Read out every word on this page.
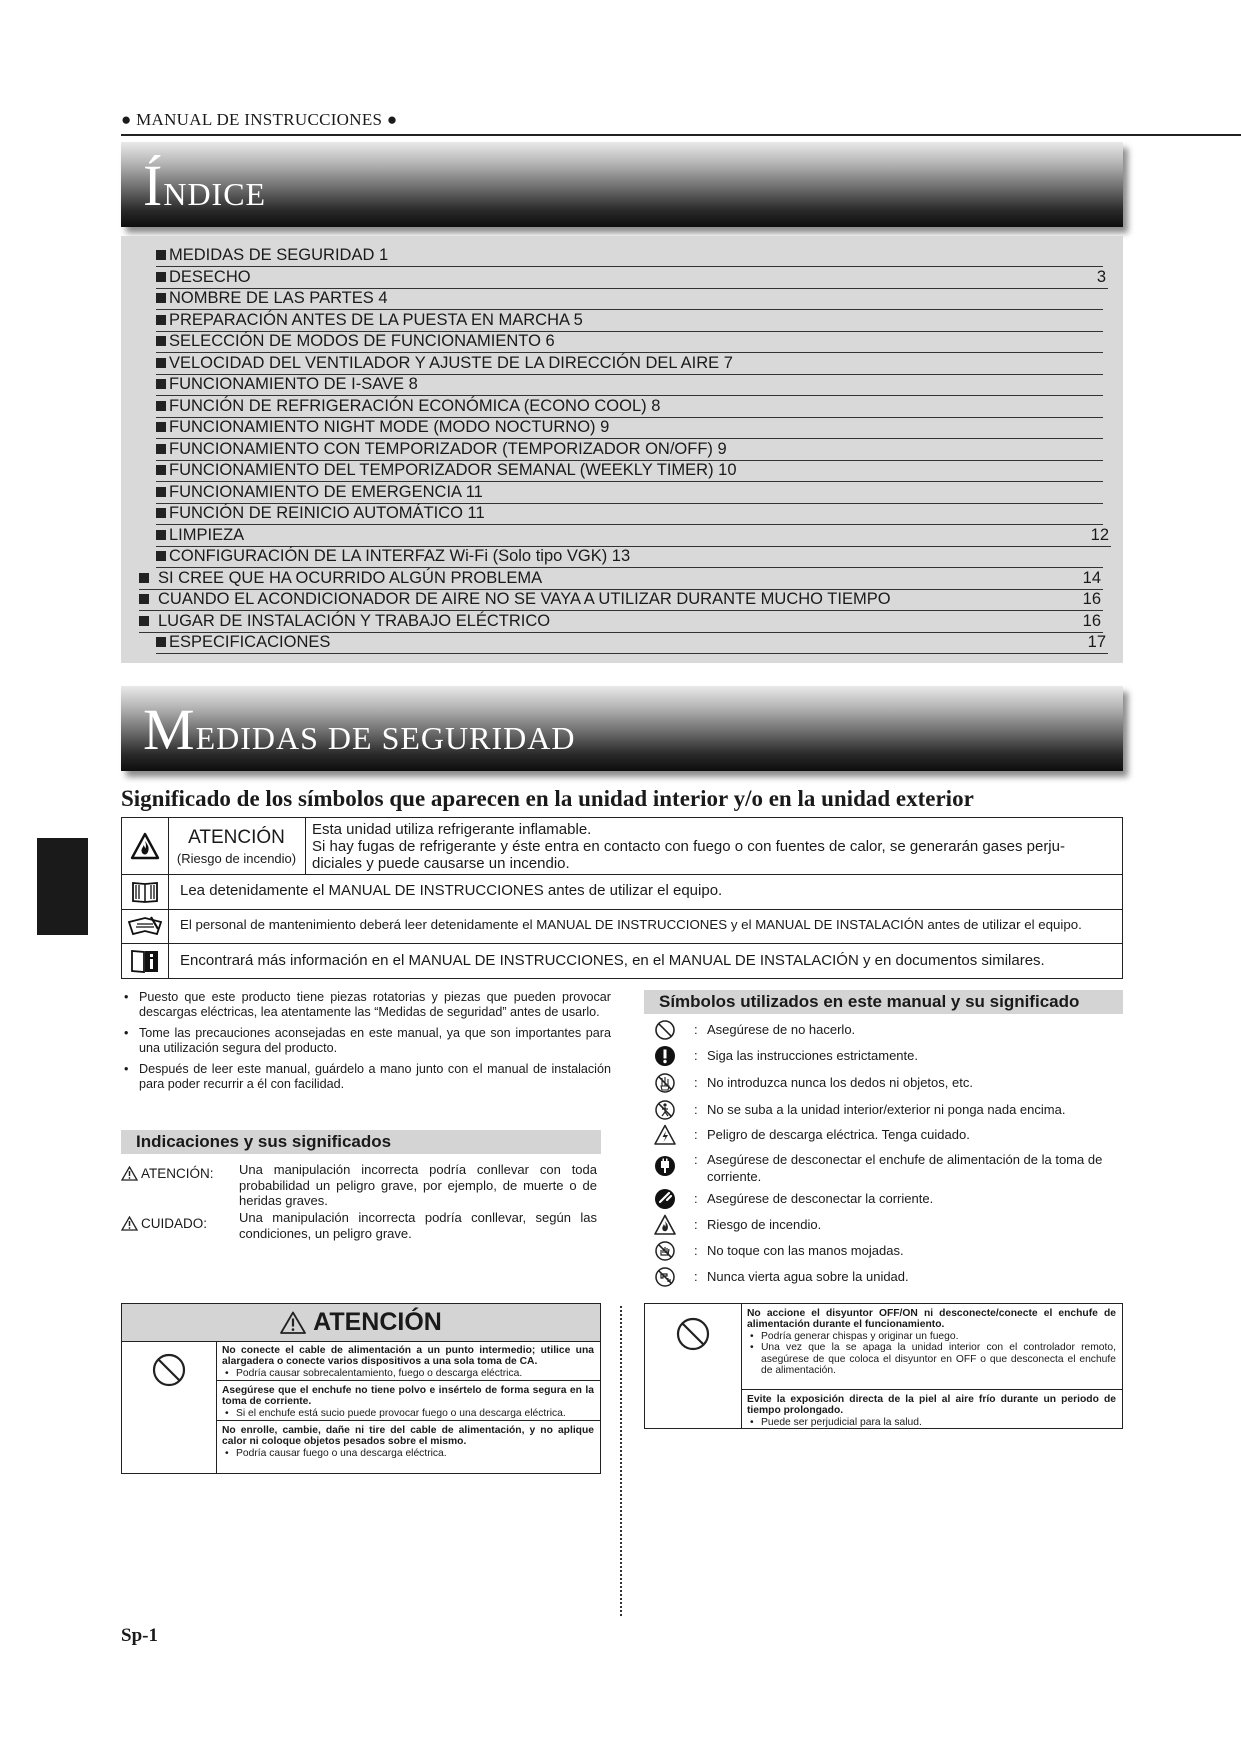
● MANUAL DE INSTRUCCIONES ●
ÍNDICE
MEDIDAS DE SEGURIDAD 1
DESECHO	3
NOMBRE DE LAS PARTES 4
PREPARACIÓN ANTES DE LA PUESTA EN MARCHA 5
SELECCIÓN DE MODOS DE FUNCIONAMIENTO 6
VELOCIDAD DEL VENTILADOR Y AJUSTE DE LA DIRECCIÓN DEL AIRE 7
FUNCIONAMIENTO DE I-SAVE 8
FUNCIÓN DE REFRIGERACIÓN ECONÓMICA (ECONO COOL) 8
FUNCIONAMIENTO NIGHT MODE (MODO NOCTURNO) 9
FUNCIONAMIENTO CON TEMPORIZADOR (TEMPORIZADOR ON/OFF) 9
FUNCIONAMIENTO DEL TEMPORIZADOR SEMANAL (WEEKLY TIMER) 10
FUNCIONAMIENTO DE EMERGENCIA 11
FUNCIÓN DE REINICIO AUTOMÁTICO 11
LIMPIEZA	12
CONFIGURACIÓN DE LA INTERFAZ Wi-Fi (Solo tipo VGK) 13
SI CREE QUE HA OCURRIDO ALGÚN PROBLEMA	14
CUANDO EL ACONDICIONADOR DE AIRE NO SE VAYA A UTILIZAR DURANTE MUCHO TIEMPO	16
LUGAR DE INSTALACIÓN Y TRABAJO ELÉCTRICO	16
ESPECIFICACIONES	17
MEDIDAS DE SEGURIDAD
Significado de los símbolos que aparecen en la unidad interior y/o en la unidad exterior
ATENCIÓN
(Riesgo de incendio)
Esta unidad utiliza refrigerante inflamable.
Si hay fugas de refrigerante y éste entra en contacto con fuego o con fuentes de calor, se generarán gases perju-
diciales y puede causarse un incendio.
Lea detenidamente el MANUAL DE INSTRUCCIONES antes de utilizar el equipo.
El personal de mantenimiento deberá leer detenidamente el MANUAL DE INSTRUCCIONES y el MANUAL DE INSTALACIÓN antes de utilizar el equipo.
Encontrará más información en el MANUAL DE INSTRUCCIONES, en el MANUAL DE INSTALACIÓN y en documentos similares.
• Puesto que este producto tiene piezas rotatorias y piezas que pueden provocar descargas eléctricas, lea atentamente las “Medidas de seguridad” antes de usarlo.
• Tome las precauciones aconsejadas en este manual, ya que son importantes para una utilización segura del producto.
• Después de leer este manual, guárdelo a mano junto con el manual de instalación para poder recurrir a él con facilidad.
Indicaciones y sus significados
ATENCIÓN: Una manipulación incorrecta podría conllevar con toda probabilidad un peligro grave, por ejemplo, de muerte o de heridas graves.
CUIDADO: Una manipulación incorrecta podría conllevar, según las condiciones, un peligro grave.
Símbolos utilizados en este manual y su significado
: Asegúrese de no hacerlo.
: Siga las instrucciones estrictamente.
: No introduzca nunca los dedos ni objetos, etc.
: No se suba a la unidad interior/exterior ni ponga nada encima.
: Peligro de descarga eléctrica. Tenga cuidado.
: Asegúrese de desconectar el enchufe de alimentación de la toma de corriente.
: Asegúrese de desconectar la corriente.
: Riesgo de incendio.
: No toque con las manos mojadas.
: Nunca vierta agua sobre la unidad.
ATENCIÓN
No conecte el cable de alimentación a un punto intermedio; utilice una alargadera o conecte varios dispositivos a una sola toma de CA.
• Podría causar sobrecalentamiento, fuego o descarga eléctrica.
Asegúrese que el enchufe no tiene polvo e insértelo de forma segura en la toma de corriente.
• Si el enchufe está sucio puede provocar fuego o una descarga eléctrica.
No enrolle, cambie, dañe ni tire del cable de alimentación, y no aplique calor ni coloque objetos pesados sobre el mismo.
• Podría causar fuego o una descarga eléctrica.
No accione el disyuntor OFF/ON ni desconecte/conecte el enchufe de alimentación durante el funcionamiento.
• Podría generar chispas y originar un fuego.
• Una vez que la se apaga la unidad interior con el controlador remoto, asegúrese de que coloca el disyuntor en OFF o que desconecta el enchufe de alimentación.
Evite la exposición directa de la piel al aire frío durante un periodo de tiempo prolongado.
• Puede ser perjudicial para la salud.
Sp-1
